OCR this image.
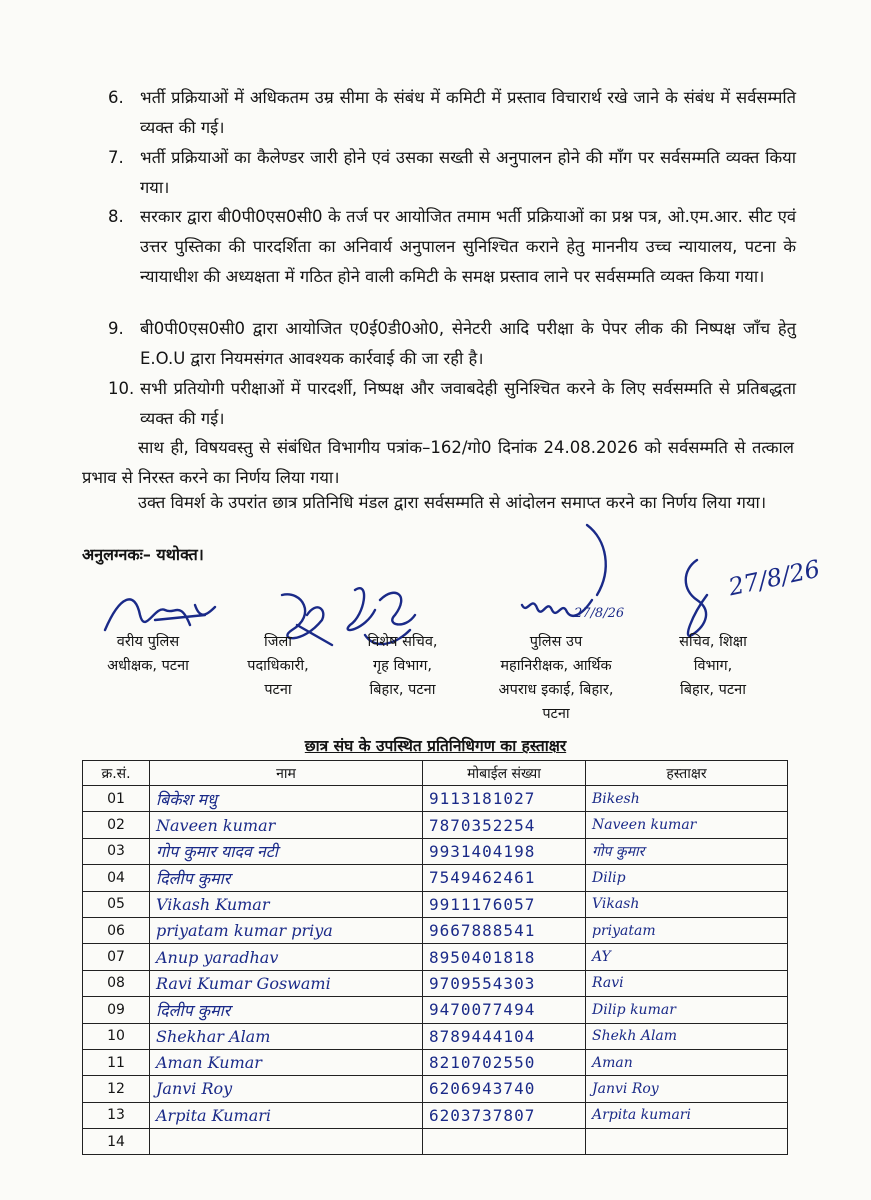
6. भर्ती प्रक्रियाओं में अधिकतम उम्र सीमा के संबंध में कमिटी में प्रस्ताव विचारार्थ रखे जाने के संबंध में सर्वसम्मति व्यक्त की गई।
7. भर्ती प्रक्रियाओं का कैलेण्डर जारी होने एवं उसका सख्ती से अनुपालन होने की माँग पर सर्वसम्मति व्यक्त किया गया।
8. सरकार द्वारा बी0पी0एस0सी0 के तर्ज पर आयोजित तमाम भर्ती प्रक्रियाओं का प्रश्न पत्र, ओ.एम.आर. सीट एवं उत्तर पुस्तिका की पारदर्शिता का अनिवार्य अनुपालन सुनिश्चित कराने हेतु माननीय उच्च न्यायालय, पटना के न्यायाधीश की अध्यक्षता में गठित होने वाली कमिटी के समक्ष प्रस्ताव लाने पर सर्वसम्मति व्यक्त किया गया।
9. बी0पी0एस0सी0 द्वारा आयोजित ए0ई0डी0ओ0, सेनेटरी आदि परीक्षा के पेपर लीक की निष्पक्ष जाँच हेतु E.O.U द्वारा नियमसंगत आवश्यक कार्रवाई की जा रही है।
10. सभी प्रतियोगी परीक्षाओं में पारदर्शी, निष्पक्ष और जवाबदेही सुनिश्चित करने के लिए सर्वसम्मति से प्रतिबद्धता व्यक्त की गई।
साथ ही, विषयवस्तु से संबंधित विभागीय पत्रांक–162/गो0 दिनांक 24.08.2026 को सर्वसम्मति से तत्काल प्रभाव से निरस्त करने का निर्णय लिया गया।
उक्त विमर्श के उपरांत छात्र प्रतिनिधि मंडल द्वारा सर्वसम्मति से आंदोलन समाप्त करने का निर्णय लिया गया।
अनुलग्नकः– यथोक्त।
27/8/26
27/8/26
वरीय पुलिस
अधीक्षक, पटना
जिला
पदाधिकारी,
पटना
विशेष सचिव,
गृह विभाग,
बिहार, पटना
पुलिस उप
महानिरीक्षक, आर्थिक
अपराध इकाई, बिहार,
पटना
सचिव, शिक्षा
विभाग,
बिहार, पटना
छात्र संघ के उपस्थित प्रतिनिधिगण का हस्ताक्षर
क्र.सं.	नाम	मोबाईल संख्या	हस्ताक्षर
01	बिकेश मधु	9113181027	Bikesh
02	Naveen kumar	7870352254	Naveen kumar
03	गोप कुमार यादव नटी	9931404198	गोप कुमार
04	दिलीप कुमार	7549462461	Dilip
05	Vikash Kumar	9911176057	Vikash
06	priyatam kumar priya	9667888541	priyatam
07	Anup yaradhav	8950401818	AY
08	Ravi Kumar Goswami	9709554303	Ravi
09	दिलीप कुमार	9470077494	Dilip kumar
10	Shekhar Alam	8789444104	Shekh Alam
11	Aman Kumar	8210702550	Aman
12	Janvi Roy	6206943740	Janvi Roy
13	Arpita Kumari	6203737807	Arpita kumari
14			
